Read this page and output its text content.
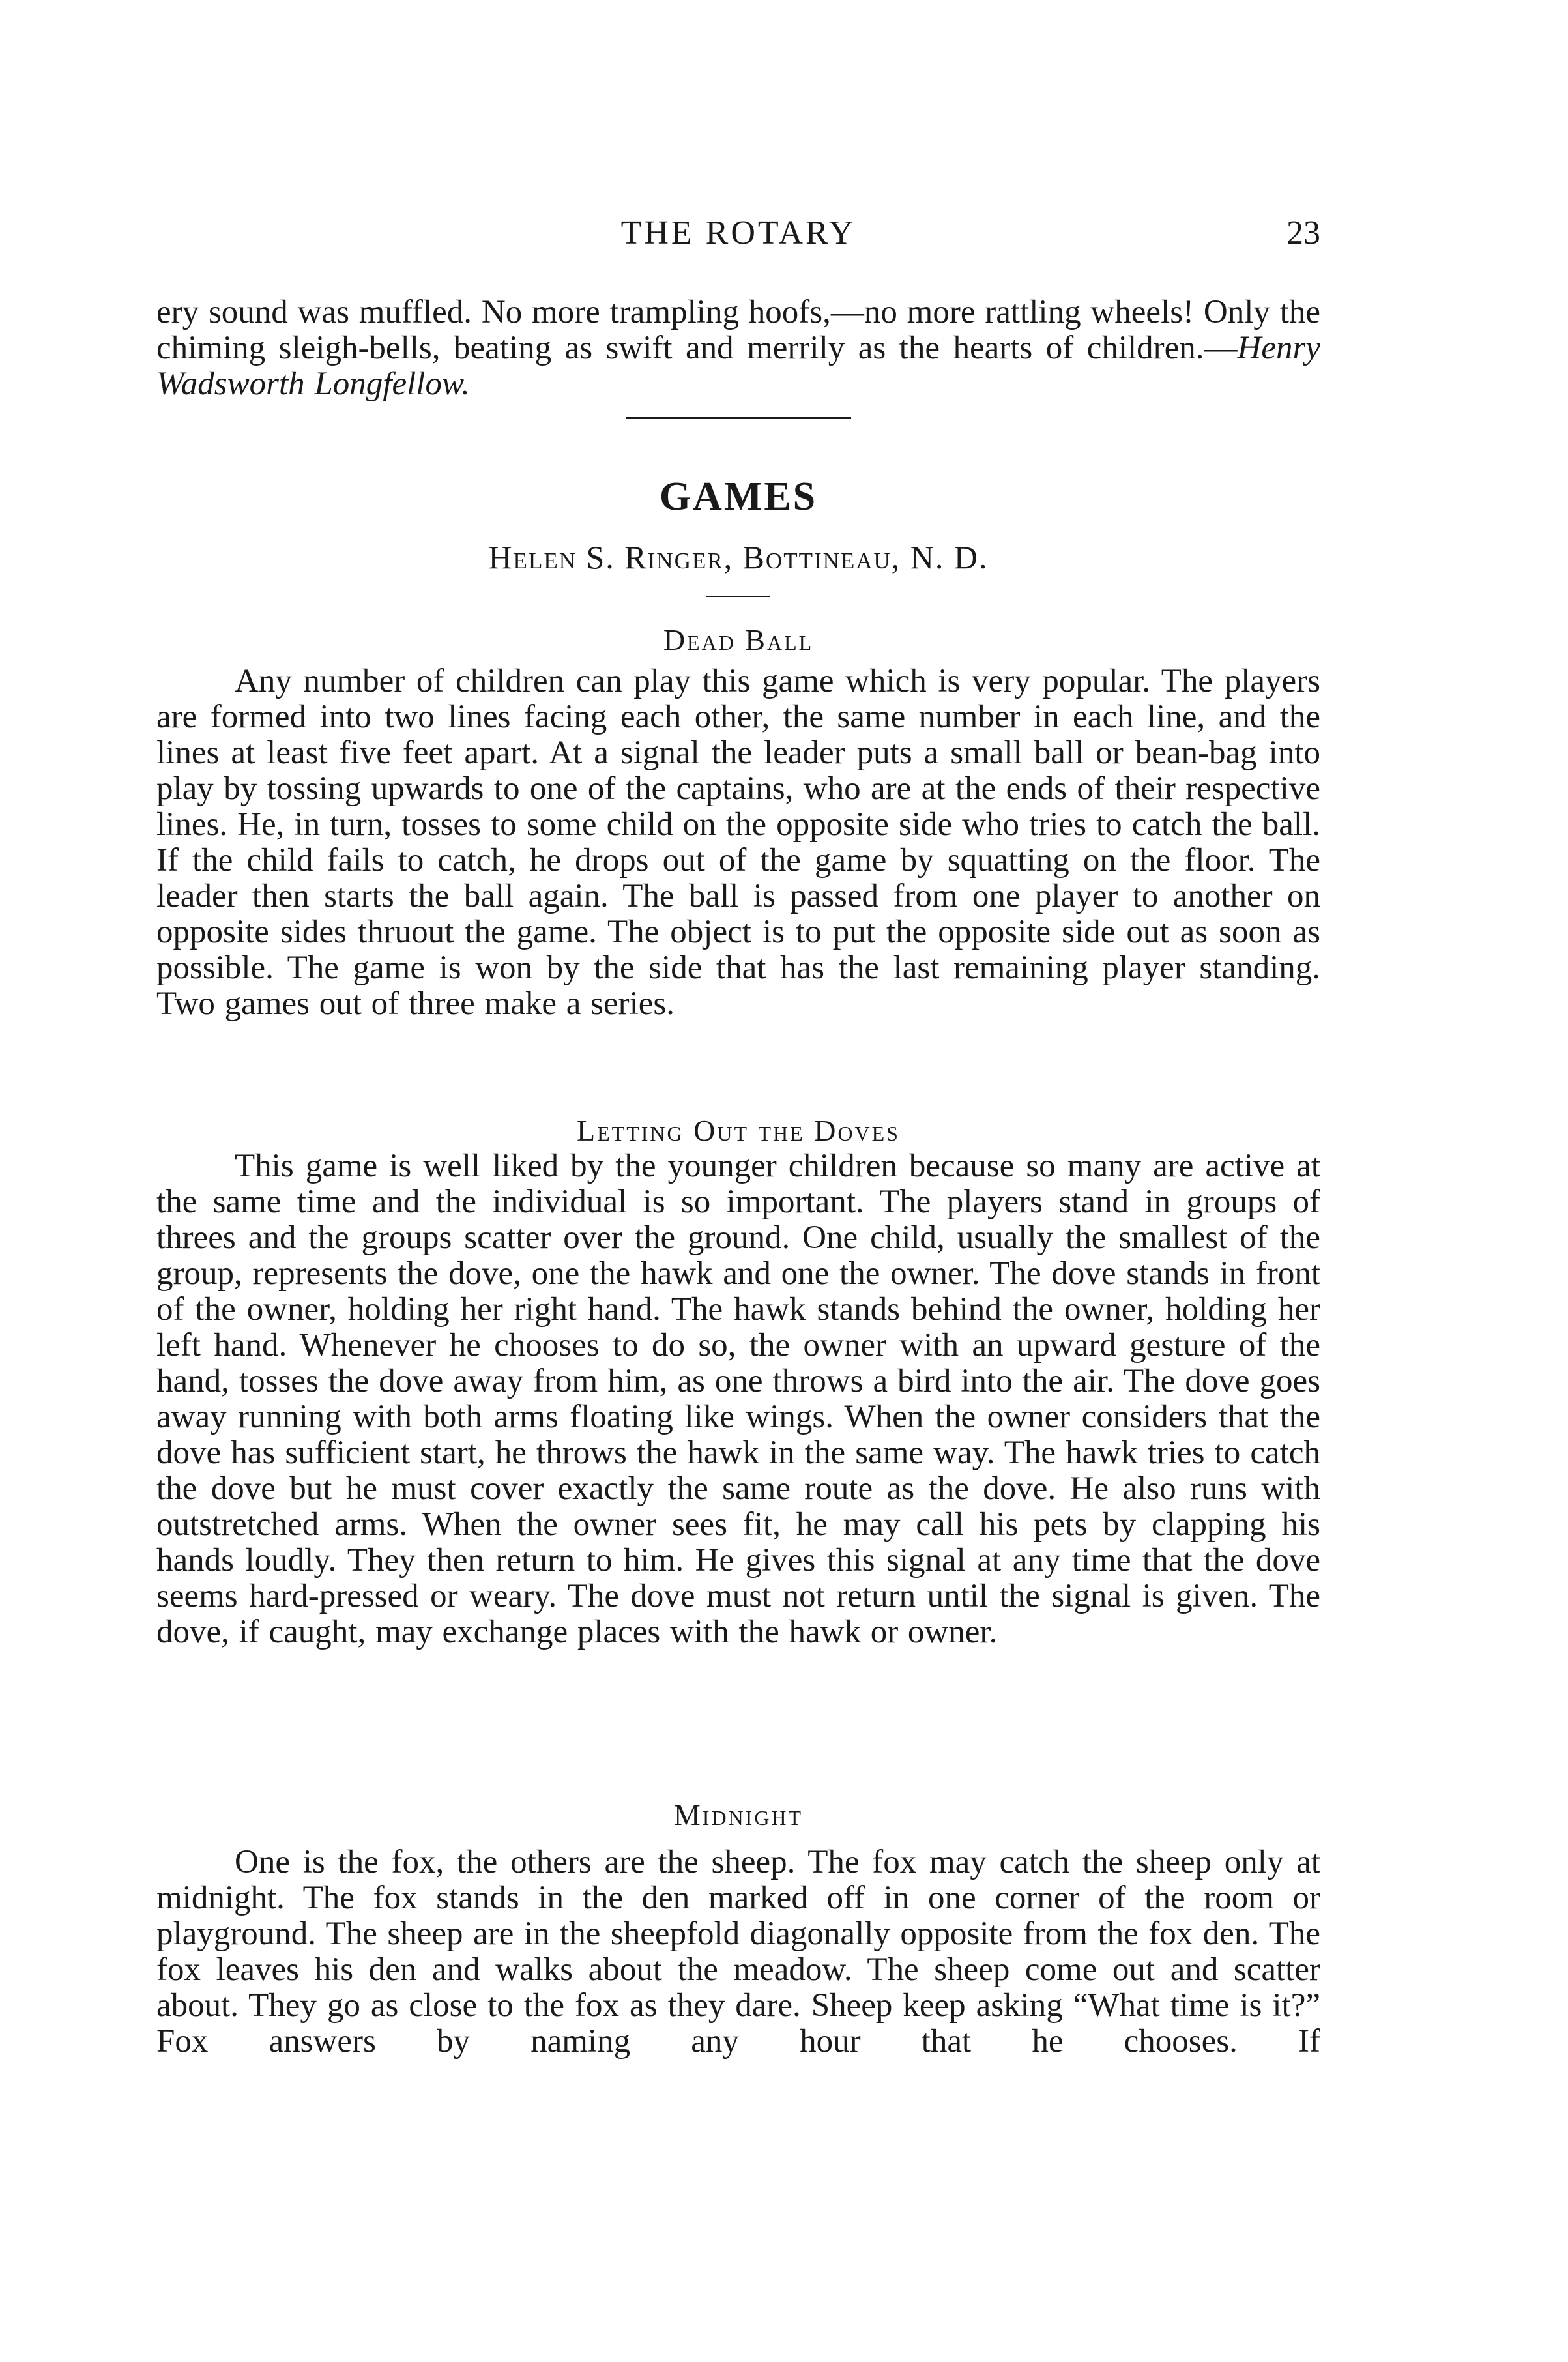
THE ROTARY	23

ery sound was muffled. No more trampling hoofs,—no more rattling wheels! Only the chiming sleigh-bells, beating as swift and merrily as the hearts of children.—Henry Wadsworth Longfellow.

GAMES
Helen S. Ringer, Bottineau, N. D.
Dead Ball

Any number of children can play this game which is very popular. The players are formed into two lines facing each other, the same number in each line, and the lines at least five feet apart. At a signal the leader puts a small ball or bean-bag into play by tossing upwards to one of the captains, who are at the ends of their respective lines. He, in turn, tosses to some child on the opposite side who tries to catch the ball. If the child fails to catch, he drops out of the game by squatting on the floor. The leader then starts the ball again. The ball is passed from one player to another on opposite sides thruout the game. The object is to put the opposite side out as soon as possible. The game is won by the side that has the last remaining player standing. Two games out of three make a series.

Letting Out the Doves

This game is well liked by the younger children because so many are active at the same time and the individual is so important. The players stand in groups of threes and the groups scatter over the ground. One child, usually the smallest of the group, represents the dove, one the hawk and one the owner. The dove stands in front of the owner, holding her right hand. The hawk stands behind the owner, holding her left hand. Whenever he chooses to do so, the owner with an upward gesture of the hand, tosses the dove away from him, as one throws a bird into the air. The dove goes away running with both arms floating like wings. When the owner considers that the dove has sufficient start, he throws the hawk in the same way. The hawk tries to catch the dove but he must cover exactly the same route as the dove. He also runs with outstretched arms. When the owner sees fit, he may call his pets by clapping his hands loudly. They then return to him. He gives this signal at any time that the dove seems hard-pressed or weary. The dove must not return until the signal is given. The dove, if caught, may exchange places with the hawk or owner.

Midnight

One is the fox, the others are the sheep. The fox may catch the sheep only at midnight. The fox stands in the den marked off in one corner of the room or playground. The sheep are in the sheepfold diagonally opposite from the fox den. The fox leaves his den and walks about the meadow. The sheep come out and scatter about. They go as close to the fox as they dare. Sheep keep asking “What time is it?” Fox answers by naming any hour that he chooses. If
